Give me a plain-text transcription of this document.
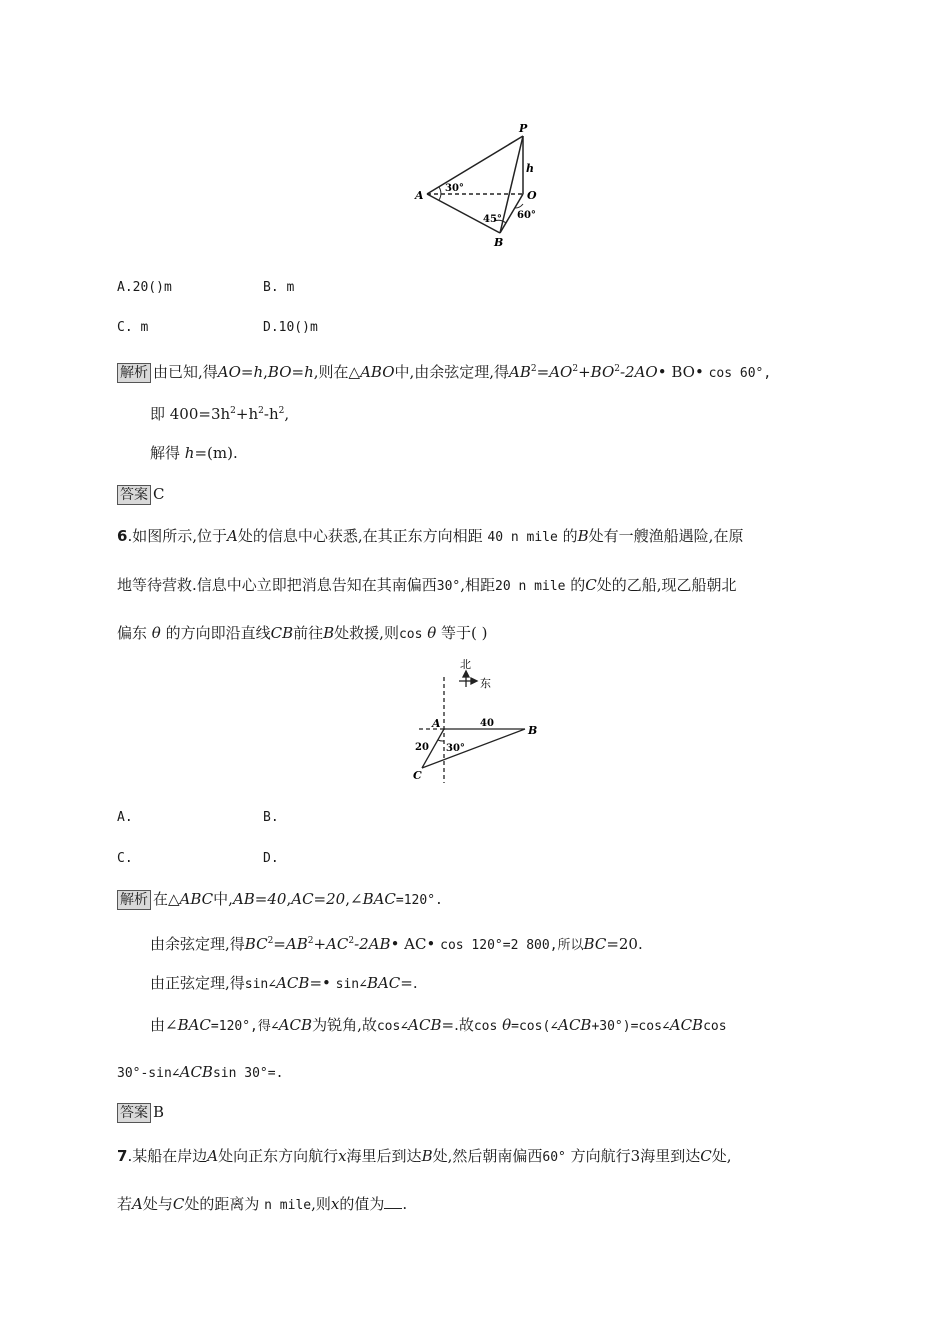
P
A	O
B
h
30°
45° 60°
A.20()m	B. m
C. m	D.10()m
解析 由已知,得AO=h,BO=h,则在△ABO中,由余弦定理,得$AB^2=AO^2+BO^2-2AO•$ BO• cos 60°,
即 $400=3h^2+h^2-h^2$,
解得 h=(m).
答案 C
6.如图所示,位于A处的信息中心获悉,在其正东方向相距 40 n mile 的B处有一艘渔船遇险,在原
地等待营救.信息中心立即把消息告知在其南偏西30°,相距20 n mile 的C处的乙船,现乙船朝北
偏东 θ 的方向即沿直线CB前往B处救援,则cos θ 等于( )
北
东
A
B
C
40
20 30°
A.	B.
C.	D.
解析 在△ABC中,AB=40,AC=20,∠BAC=120°.
由余弦定理,得$BC^2=AB^2+AC^2-2AB•$ AC• cos 120°=2 800,所以BC=20.
由正弦定理,得sin∠ACB=• sin∠BAC=.
由∠BAC=120°,得∠ACB为锐角,故cos∠ACB=.故cos θ=cos(∠ACB+30°)=cos∠ACBcos
30°-sin∠ACBsin 30°=.
答案 B
7.某船在岸边A处向正东方向航行x海里后到达B处,然后朝南偏西60° 方向航行3海里到达C处,
若A处与C处的距离为 n mile,则x的值为 .
